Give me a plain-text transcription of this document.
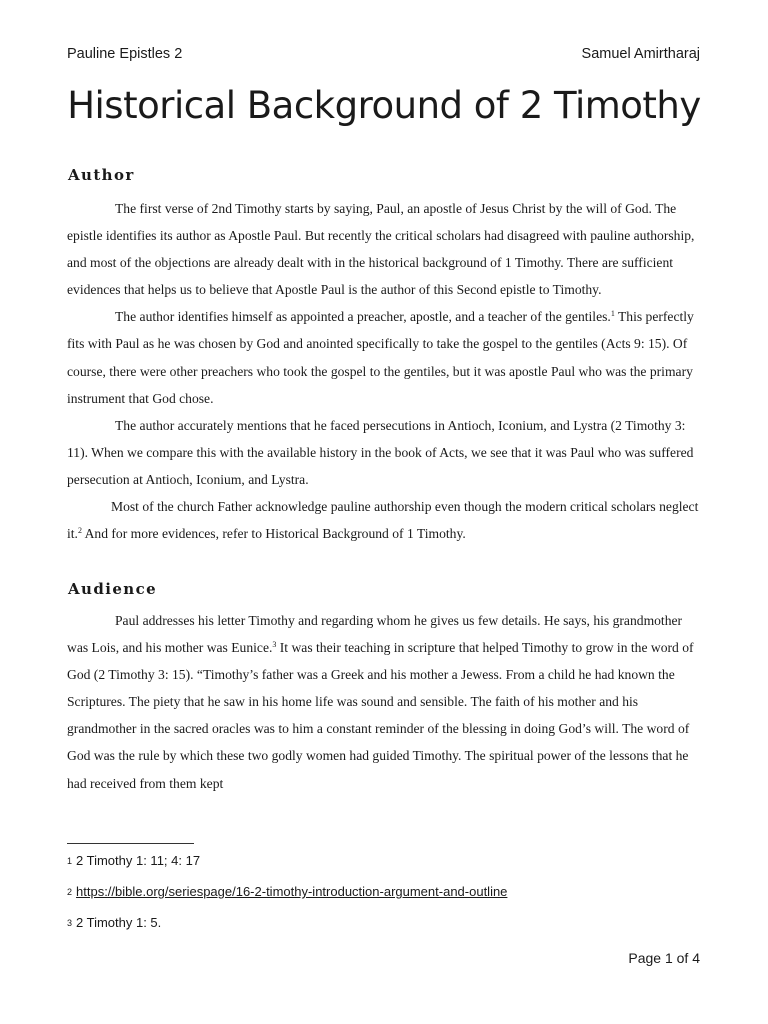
Pauline Epistles 2	Samuel Amirtharaj
Historical Background of 2 Timothy
Author

The first verse of 2nd Timothy starts by saying, Paul, an apostle of Jesus Christ by the will of God. The epistle identifies its author as Apostle Paul. But recently the critical scholars had disagreed with pauline authorship, and most of the objections are already dealt with in the historical background of 1 Timothy. There are sufficient evidences that helps us to believe that Apostle Paul is the author of this Second epistle to Timothy.

The author identifies himself as appointed a preacher, apostle, and a teacher of the gentiles.$^1$ This perfectly fits with Paul as he was chosen by God and anointed specifically to take the gospel to the gentiles (Acts 9: 15). Of course, there were other preachers who took the gospel to the gentiles, but it was apostle Paul who was the primary instrument that God chose.

The author accurately mentions that he faced persecutions in Antioch, Iconium, and Lystra (2 Timothy 3: 11). When we compare this with the available history in the book of Acts, we see that it was Paul who was suffered persecution at Antioch, Iconium, and Lystra.

Most of the church Father acknowledge pauline authorship even though the modern critical scholars neglect it.$^2$ And for more evidences, refer to Historical Background of 1 Timothy.

Audience

Paul addresses his letter Timothy and regarding whom he gives us few details. He says, his grandmother was Lois, and his mother was Eunice.$^3$ It was their teaching in scripture that helped Timothy to grow in the word of God (2 Timothy 3: 15). “Timothy’s father was a Greek and his mother a Jewess. From a child he had known the Scriptures. The piety that he saw in his home life was sound and sensible. The faith of his mother and his grandmother in the sacred oracles was to him a constant reminder of the blessing in doing God’s will. The word of God was the rule by which these two godly women had guided Timothy. The spiritual power of the lessons that he had received from them kept

1 2 Timothy 1: 11; 4: 17
2 https://bible.org/seriespage/16-2-timothy-introduction-argument-and-outline
3 2 Timothy 1: 5.
Page 1 of 4
